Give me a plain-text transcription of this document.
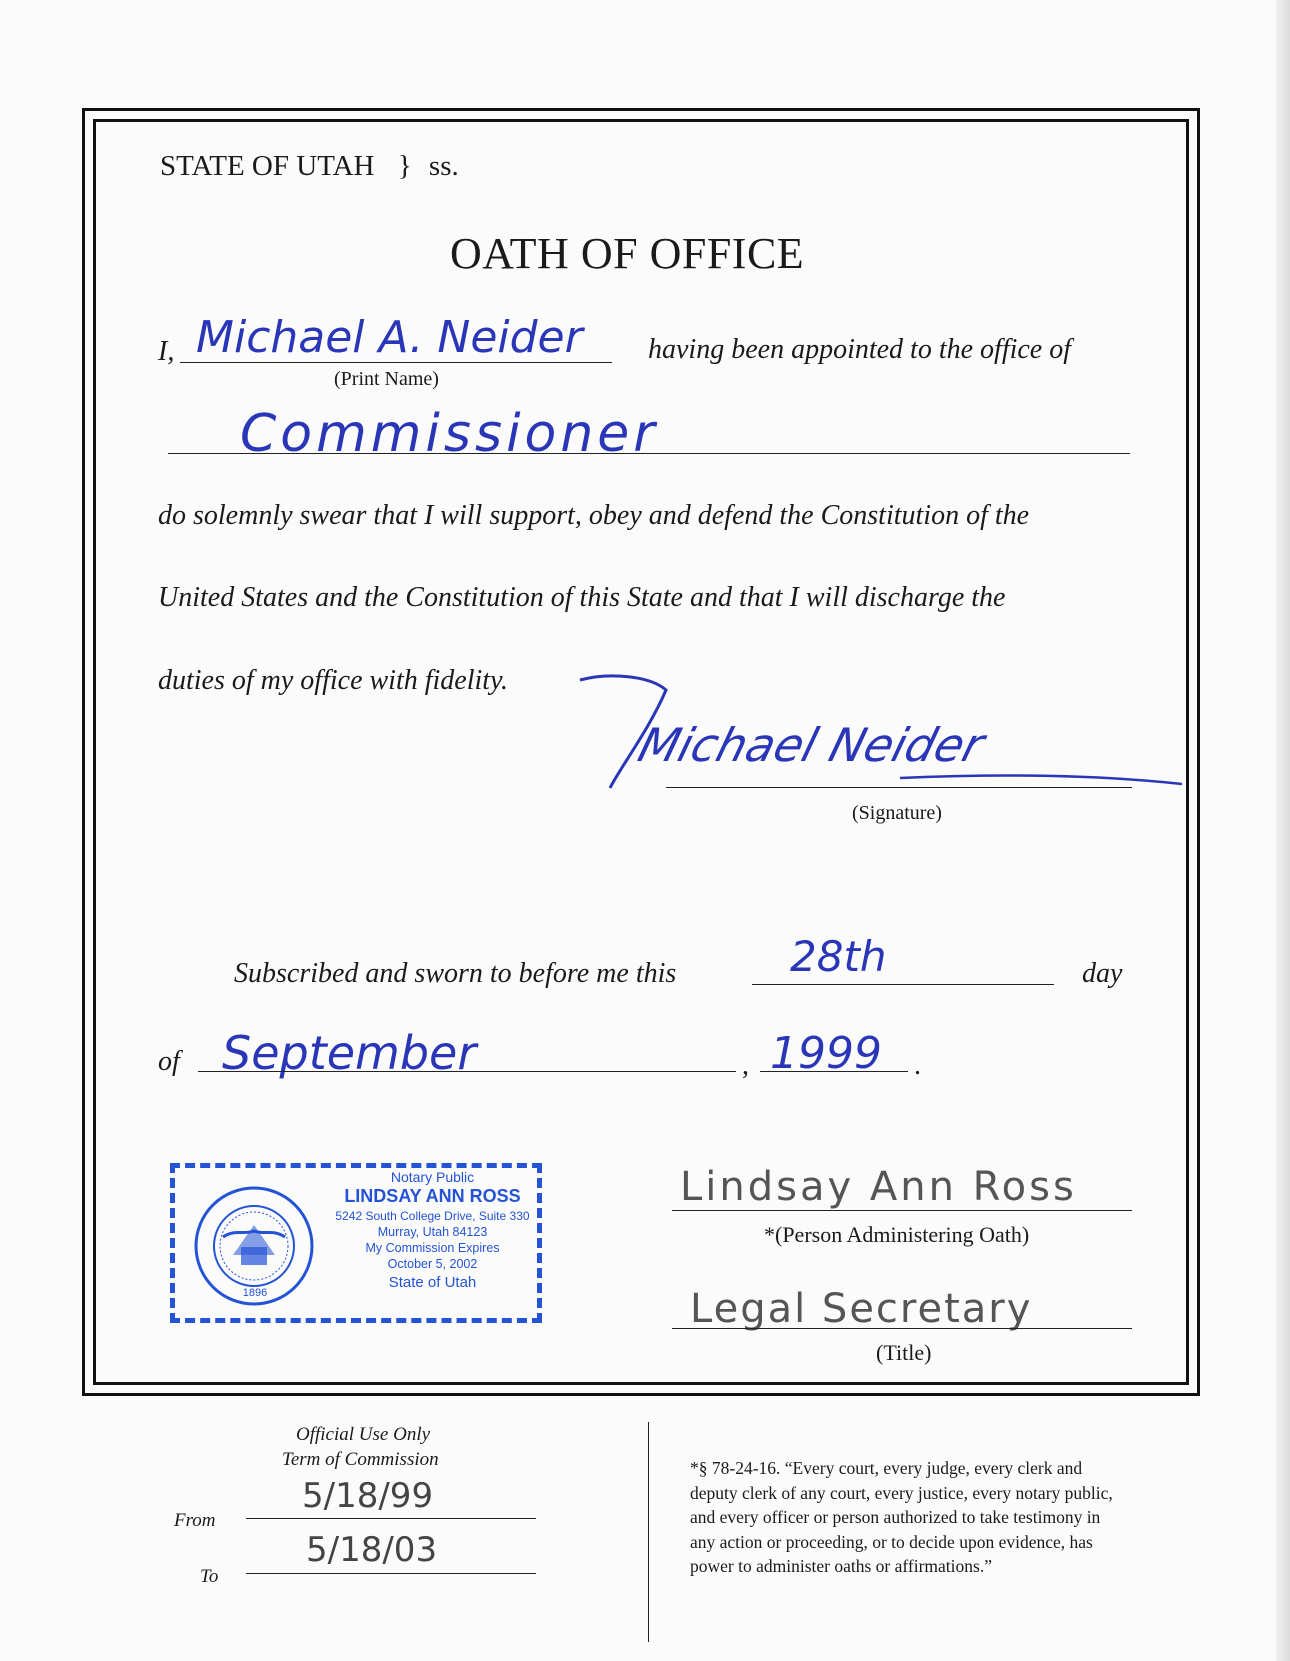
STATE OF UTAH } ss.
OATH OF OFFICE
I, Michael A. Neider
(Print Name)
having been appointed to the office of
Commissioner
do solemnly swear that I will support, obey and defend the Constitution of the
United States and the Constitution of this State and that I will discharge the
duties of my office with fidelity.
Michael Neider
(Signature)
Subscribed and sworn to before me this	28th	day
of September	, 1999 .
1896
Notary Public
LINDSAY ANN ROSS
5242 South College Drive, Suite 330
Murray, Utah 84123
My Commission Expires
October 5, 2002
State of Utah
Lindsay Ann Ross
*(Person Administering Oath)
Legal Secretary
(Title)
Official Use Only
Term of Commission
From
5/18/99
To
5/18/03
*§ 78-24-16. “Every court, every judge, every clerk and
deputy clerk of any court, every justice, every notary public,
and every officer or person authorized to take testimony in
any action or proceeding, or to decide upon evidence, has
power to administer oaths or affirmations.”
